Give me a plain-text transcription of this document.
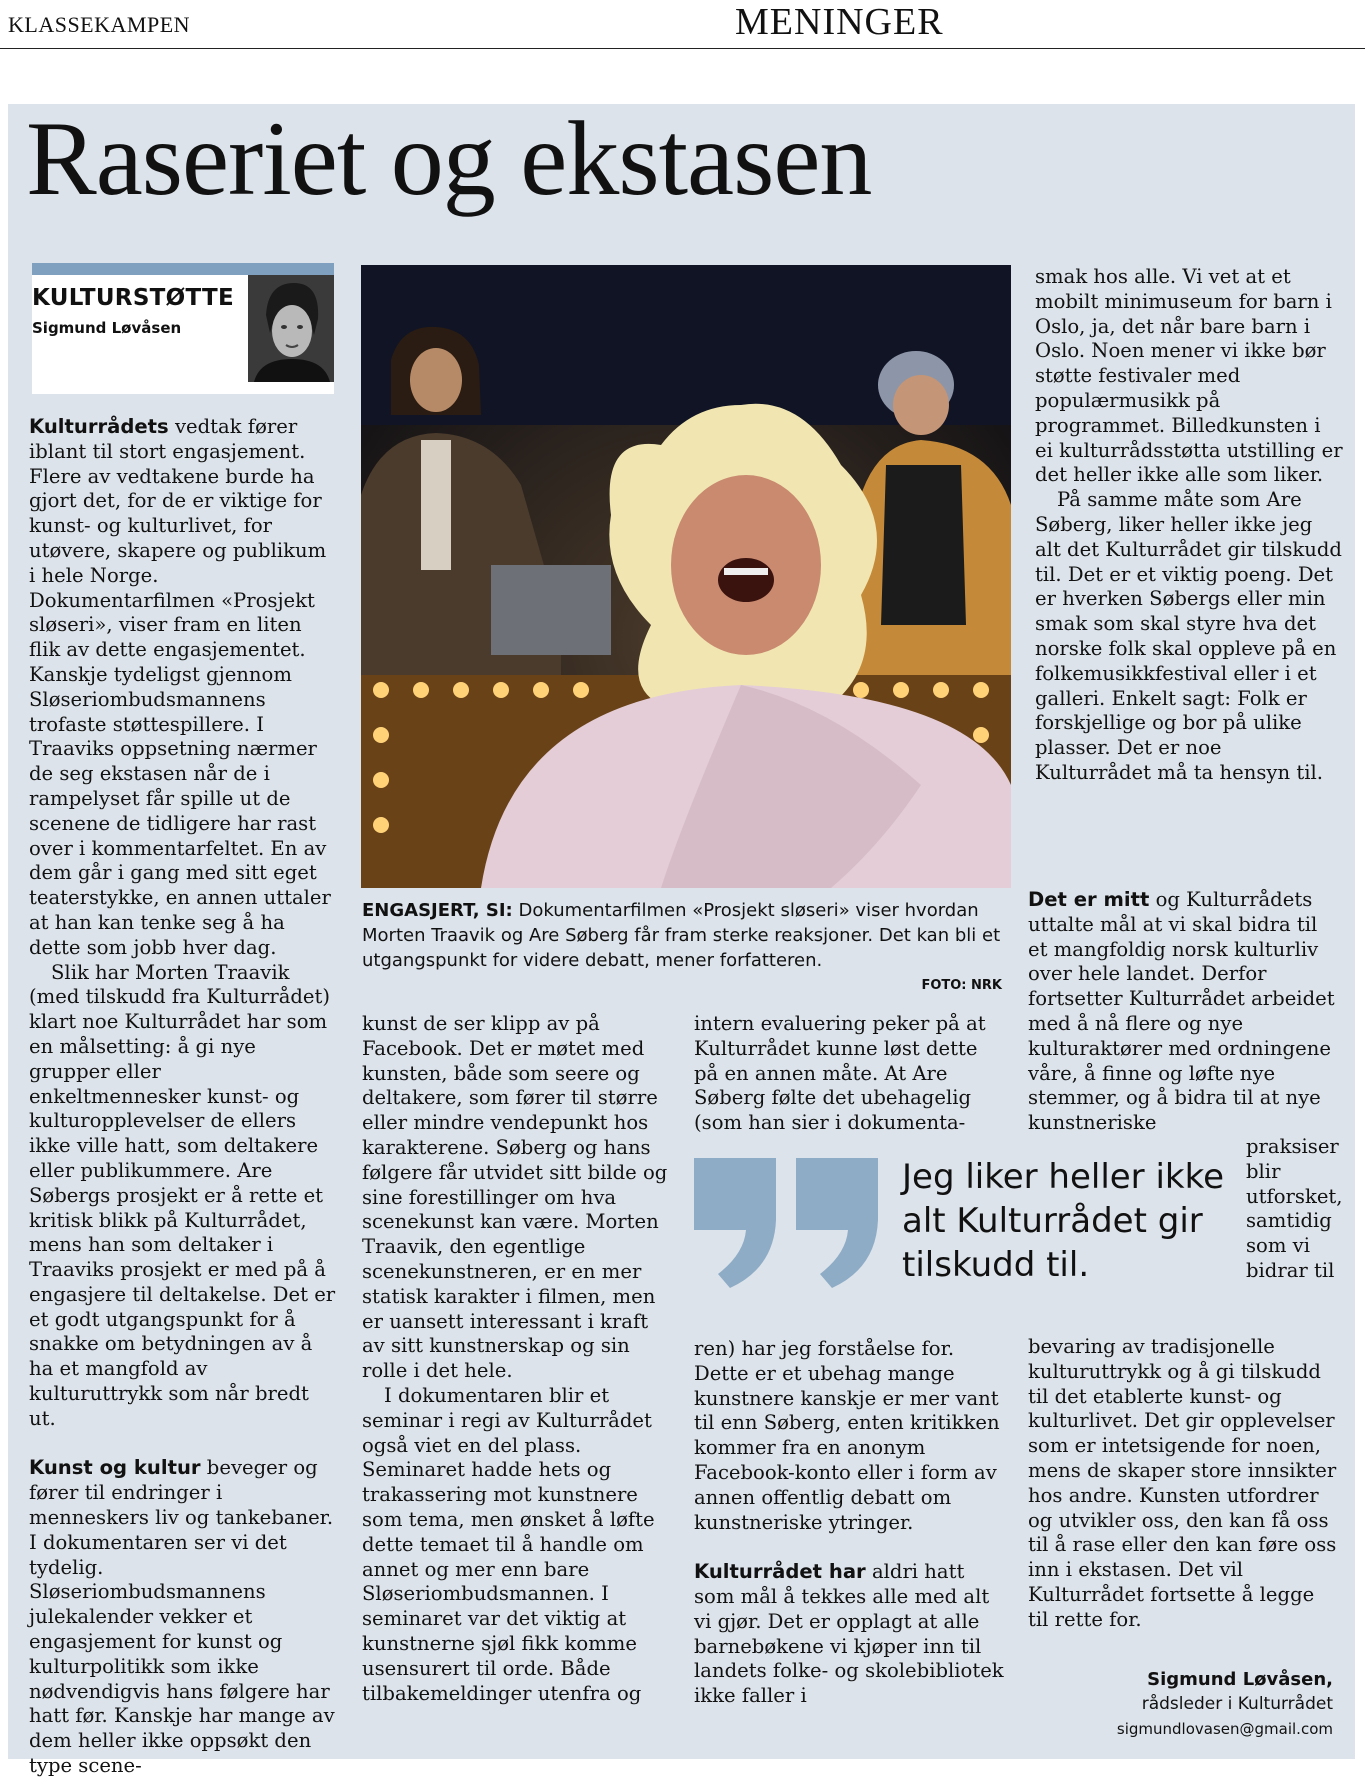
KLASSEKAMPEN	MENINGER
Raseriet og ekstasen
KULTURSTØTTE
Sigmund Løvåsen
ENGASJERT, SI: Dokumentarfilmen «Prosjekt sløseri» viser hvordan Morten Traavik og Are Søberg får fram sterke reaksjoner. Det kan bli et utgangspunkt for videre debatt, mener forfatteren.
FOTO: NRK

Kulturrådets vedtak fører iblant til stort engasjement. Flere av vedtakene burde ha gjort det, for de er viktige for kunst- og kulturlivet, for utøvere, skapere og publikum i hele Norge. Dokumentarfilmen «Prosjekt sløseri», viser fram en liten flik av dette engasjementet. Kanskje tydeligst gjennom Sløseriombudsmannens trofaste støttespillere. I Traaviks oppsetning nærmer de seg ekstasen når de i rampelyset får spille ut de scenene de tidligere har rast over i kommentarfeltet. En av dem går i gang med sitt eget teaterstykke, en annen uttaler at han kan tenke seg å ha dette som jobb hver dag.

Slik har Morten Traavik (med tilskudd fra Kulturrådet) klart noe Kulturrådet har som en målsetting: å gi nye grupper eller enkeltmennesker kunst- og kulturopplevelser de ellers ikke ville hatt, som deltakere eller publikummere. Are Søbergs prosjekt er å rette et kritisk blikk på Kulturrådet, mens han som deltaker i Traaviks prosjekt er med på å engasjere til deltakelse. Det er et godt utgangspunkt for å snakke om betydningen av å ha et mangfold av kulturuttrykk som når bredt ut.

Kunst og kultur beveger og fører til endringer i menneskers liv og tankebaner. I dokumentaren ser vi det tydelig. Sløseriombudsmannens julekalender vekker et engasjement for kunst og kulturpolitikk som ikke nødvendigvis hans følgere har hatt før. Kanskje har mange av dem heller ikke oppsøkt den type scene-

kunst de ser klipp av på Facebook. Det er møtet med kunsten, både som seere og deltakere, som fører til større eller mindre vendepunkt hos karakterene. Søberg og hans følgere får utvidet sitt bilde og sine forestillinger om hva scenekunst kan være. Morten Traavik, den egentlige scenekunstneren, er en mer statisk karakter i filmen, men er uansett interessant i kraft av sitt kunstnerskap og sin rolle i det hele.

I dokumentaren blir et seminar i regi av Kulturrådet også viet en del plass. Seminaret hadde hets og trakassering mot kunstnere som tema, men ønsket å løfte dette temaet til å handle om annet og mer enn bare Sløseriombudsmannen. I seminaret var det viktig at kunstnerne sjøl fikk komme usensurert til orde. Både tilbakemeldinger utenfra og

intern evaluering peker på at Kulturrådet kunne løst dette på en annen måte. At Are Søberg følte det ubehagelig (som han sier i dokumenta-

ren) har jeg forståelse for. Dette er et ubehag mange kunstnere kanskje er mer vant til enn Søberg, enten kritikken kommer fra en anonym Facebook-konto eller i form av annen offentlig debatt om kunstneriske ytringer.

Kulturrådet har aldri hatt som mål å tekkes alle med alt vi gjør. Det er opplagt at alle barnebøkene vi kjøper inn til landets folke- og skolebibliotek ikke faller i

Jeg liker heller ikke alt Kulturrådet gir tilskudd til.

smak hos alle. Vi vet at et mobilt minimuseum for barn i Oslo, ja, det når bare barn i Oslo. Noen mener vi ikke bør støtte festivaler med populærmusikk på programmet. Billedkunsten i ei kulturrådsstøtta utstilling er det heller ikke alle som liker.

På samme måte som Are Søberg, liker heller ikke jeg alt det Kulturrådet gir tilskudd til. Det er et viktig poeng. Det er hverken Søbergs eller min smak som skal styre hva det norske folk skal oppleve på en folkemusikkfestival eller i et galleri. Enkelt sagt: Folk er forskjellige og bor på ulike plasser. Det er noe Kulturrådet må ta hensyn til.

Det er mitt og Kulturrådets uttalte mål at vi skal bidra til et mangfoldig norsk kulturliv over hele landet. Derfor fortsetter Kulturrådet arbeidet med å nå flere og nye kulturaktører med ordningene våre, å finne og løfte nye stemmer, og å bidra til at nye kunstneriske

praksiser blir utforsket, samtidig som vi bidrar til

bevaring av tradisjonelle kulturuttrykk og å gi tilskudd til det etablerte kunst- og kulturlivet. Det gir opplevelser som er intetsigende for noen, mens de skaper store innsikter hos andre. Kunsten utfordrer og utvikler oss, den kan få oss til å rase eller den kan føre oss inn i ekstasen. Det vil Kulturrådet fortsette å legge til rette for.

Sigmund Løvåsen,
rådsleder i Kulturrådet
sigmundlovasen@gmail.com
